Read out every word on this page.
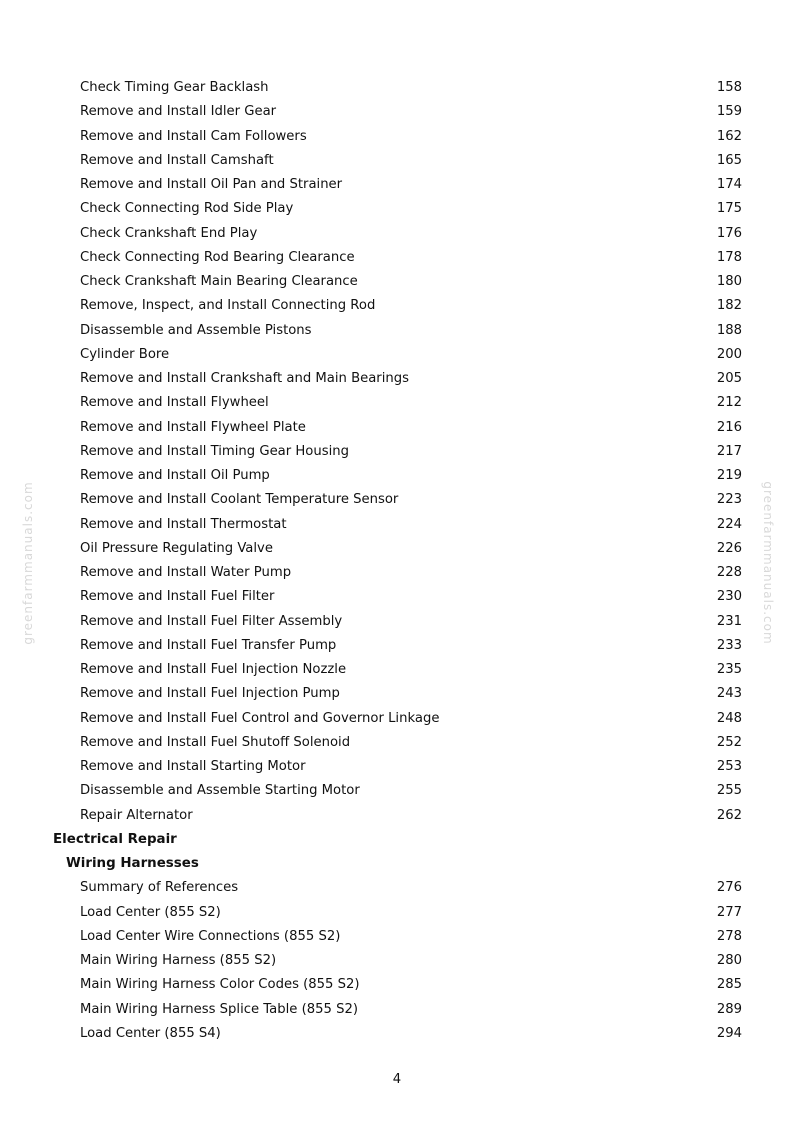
greenfarmmanuals.com	greenfarmmanuals.com
Check Timing Gear Backlash	158
Remove and Install Idler Gear	159
Remove and Install Cam Followers	162
Remove and Install Camshaft	165
Remove and Install Oil Pan and Strainer	174
Check Connecting Rod Side Play	175
Check Crankshaft End Play	176
Check Connecting Rod Bearing Clearance	178
Check Crankshaft Main Bearing Clearance	180
Remove, Inspect, and Install Connecting Rod	182
Disassemble and Assemble Pistons	188
Cylinder Bore	200
Remove and Install Crankshaft and Main Bearings	205
Remove and Install Flywheel	212
Remove and Install Flywheel Plate	216
Remove and Install Timing Gear Housing	217
Remove and Install Oil Pump	219
Remove and Install Coolant Temperature Sensor	223
Remove and Install Thermostat	224
Oil Pressure Regulating Valve	226
Remove and Install Water Pump	228
Remove and Install Fuel Filter	230
Remove and Install Fuel Filter Assembly	231
Remove and Install Fuel Transfer Pump	233
Remove and Install Fuel Injection Nozzle	235
Remove and Install Fuel Injection Pump	243
Remove and Install Fuel Control and Governor Linkage	248
Remove and Install Fuel Shutoff Solenoid	252
Remove and Install Starting Motor	253
Disassemble and Assemble Starting Motor	255
Repair Alternator	262
Electrical Repair
Wiring Harnesses
Summary of References	276
Load Center (855 S2)	277
Load Center Wire Connections (855 S2)	278
Main Wiring Harness (855 S2)	280
Main Wiring Harness Color Codes (855 S2)	285
Main Wiring Harness Splice Table (855 S2)	289
Load Center (855 S4)	294
4
